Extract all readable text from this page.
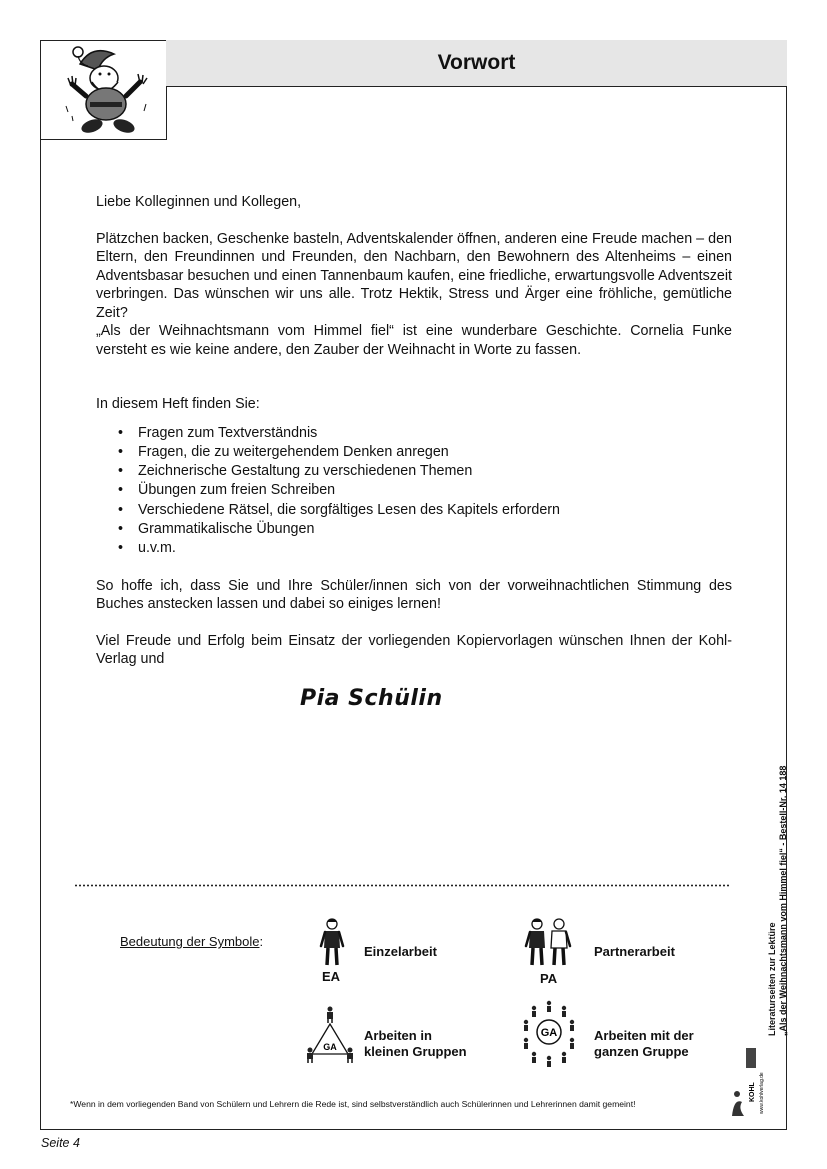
Vorwort

Liebe Kolleginnen und Kollegen,

Plätzchen backen, Geschenke basteln, Adventskalender öffnen, anderen eine Freude machen – den Eltern, den Freundinnen und Freunden, den Nachbarn, den Bewohnern des Altenheims – einen Adventsbasar besuchen und einen Tannenbaum kaufen, eine friedliche, erwartungsvolle Adventszeit verbringen. Das wünschen wir uns alle. Trotz Hektik, Stress und Ärger eine fröhliche, gemütliche Zeit?

„Als der Weihnachtsmann vom Himmel fiel“ ist eine wunderbare Geschichte. Cornelia Funke versteht es wie keine andere, den Zauber der Weihnacht in Worte zu fassen.

In diesem Heft finden Sie:

• Fragen zum Textverständnis
• Fragen, die zu weitergehendem Denken anregen
• Zeichnerische Gestaltung zu verschiedenen Themen
• Übungen zum freien Schreiben
• Verschiedene Rätsel, die sorgfältiges Lesen des Kapitels erfordern
• Grammatikalische Übungen
• u.v.m.

So hoffe ich, dass Sie und Ihre Schüler/innen sich von der vorweihnachtlichen Stimmung des Buches anstecken lassen und dabei so einiges lernen!

Viel Freude und Erfolg beim Einsatz der vorliegenden Kopiervorlagen wünschen Ihnen der Kohl-Verlag und

Pia Schülin
Bedeutung der Symbole:
EA
Einzelarbeit
PA
Partnerarbeit
GA
Arbeiten in
kleinen Gruppen
GA	Arbeiten mit der
ganzen Gruppe
*Wenn in dem vorliegenden Band von Schülern und Lehrern die Rede ist, sind selbstverständlich auch Schülerinnen und Lehrerinnen damit gemeint!
Literaturseiten zur Lektüre „Als der Weihnachtsmann vom Himmel fiel“ - Bestell-Nr. 14 188
KOHL www.kohlverlag.de
Seite 4
